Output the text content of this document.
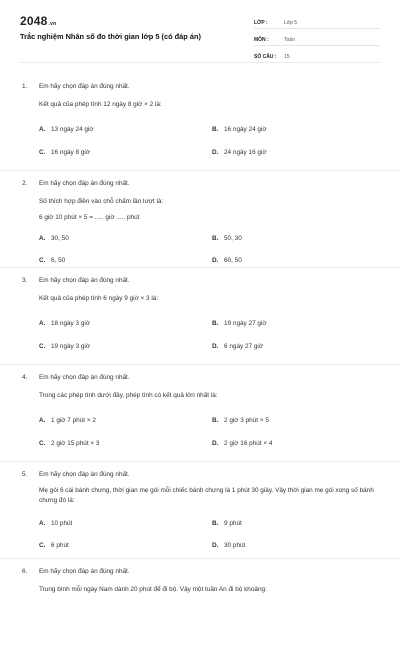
2048.vn
Trắc nghiệm Nhân số đo thời gian lớp 5 (có đáp án)
LỚP :	Lớp 5
MÔN :	Toán
SỐ CÂU : 15
1. Em hãy chọn đáp án đúng nhất.
Kết quả của phép tính 12 ngày 8 giờ × 2 là:
A. 13 ngày 24 giờ	B. 16 ngày 24 giờ
C. 16 ngày 8 giờ	D. 24 ngày 16 giờ
2. Em hãy chọn đáp án đúng nhất.
Số thích hợp điền vào chỗ chấm lần lượt là:
6 giờ 10 phút × 5 = ..... giờ ..... phút
A. 30, 50	B. 50, 30
C. 6, 50	D. 60, 50
3. Em hãy chọn đáp án đúng nhất.
Kết quả của phép tính 6 ngày 9 giờ × 3 là:
A. 18 ngày 3 giờ	B. 19 ngày 27 giờ
C. 19 ngày 3 giờ	D. 6 ngày 27 giờ
4. Em hãy chọn đáp án đúng nhất.
Trong các phép tính dưới đây, phép tính có kết quả lớn nhất là:
A. 1 giờ 7 phút × 2	B. 2 giờ 3 phút × 5
C. 2 giờ 15 phút × 3	D. 2 giờ 16 phút × 4
5. Em hãy chọn đáp án đúng nhất.
Mẹ gói 6 cái bánh chưng, thời gian mẹ gói mỗi chiếc bánh chưng là 1 phút 30 giây. Vậy thời gian mẹ gói xong số bánh chưng đó là:
A. 10 phút	B. 9 phút
C. 6 phút	D. 30 phút
6. Em hãy chọn đáp án đúng nhất.
Trung bình mỗi ngày Nam dành 20 phút để đi bộ. Vậy một tuần An đi bộ khoảng:
